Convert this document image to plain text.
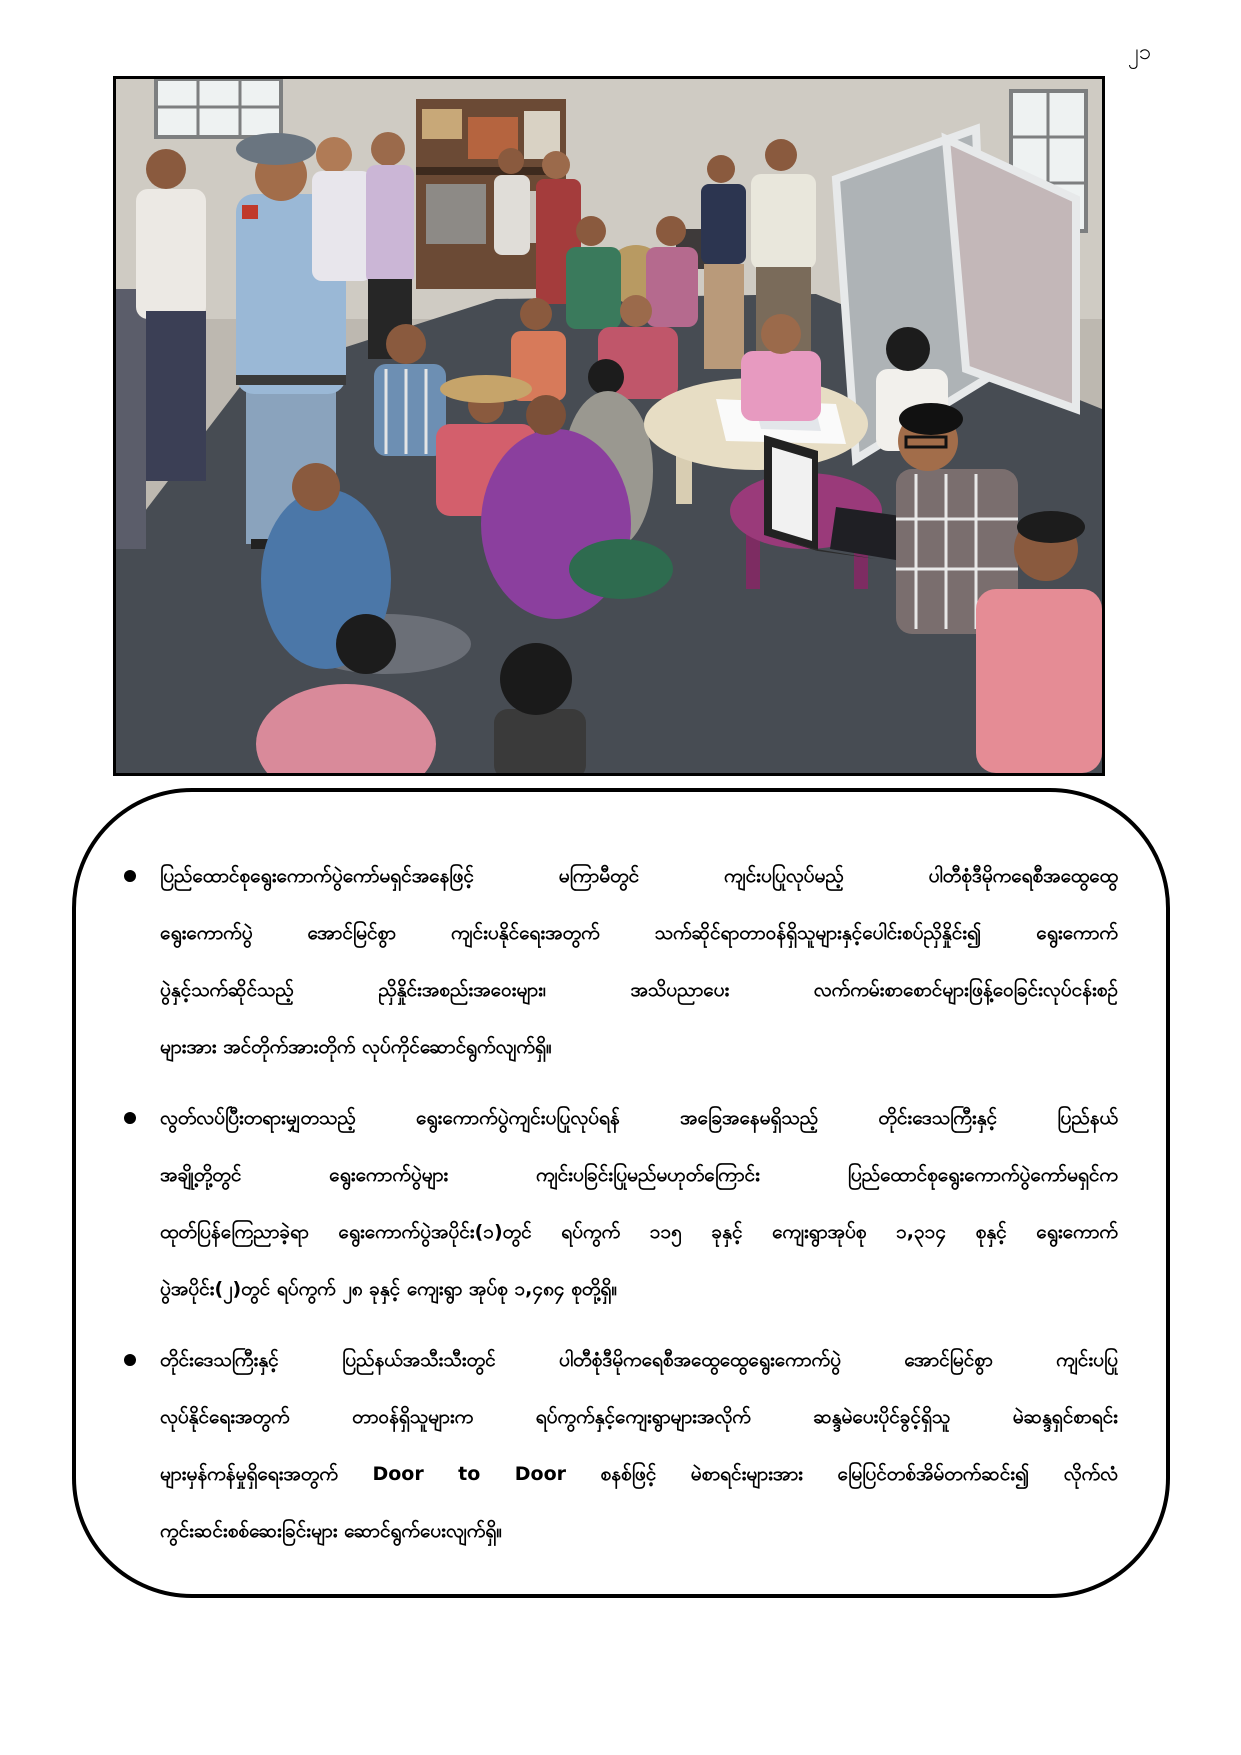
၂၁
ပြည်ထောင်စုရွေးကောက်ပွဲကော်မရှင်အနေဖြင့် မကြာမီတွင် ကျင်းပပြုလုပ်မည့် ပါတီစုံဒီမိုကရေစီအထွေထွေ
ရွေးကောက်ပွဲ အောင်မြင်စွာ ကျင်းပနိုင်ရေးအတွက် သက်ဆိုင်ရာတာဝန်ရှိသူများနှင့်ပေါင်းစပ်ညှိနှိုင်း၍ ရွေးကောက်
ပွဲနှင့်သက်ဆိုင်သည့် ညှိနှိုင်းအစည်းအဝေးများ၊ အသိပညာပေး လက်ကမ်းစာစောင်များဖြန့်ဝေခြင်းလုပ်ငန်းစဉ်
များအား အင်တိုက်အားတိုက် လုပ်ကိုင်ဆောင်ရွက်လျက်ရှိ။
လွတ်လပ်ပြီးတရားမျှတသည့် ရွေးကောက်ပွဲကျင်းပပြုလုပ်ရန် အခြေအနေမရှိသည့် တိုင်းဒေသကြီးနှင့် ပြည်နယ်
အချို့တို့တွင် ရွေးကောက်ပွဲများ ကျင်းပခြင်းပြုမည်မဟုတ်ကြောင်း ပြည်ထောင်စုရွေးကောက်ပွဲကော်မရှင်က
ထုတ်ပြန်ကြေညာခဲ့ရာ ရွေးကောက်ပွဲအပိုင်း(၁)တွင် ရပ်ကွက် ၁၁၅ ခုနှင့် ကျေးရွာအုပ်စု ၁,၃၁၄ စုနှင့် ရွေးကောက်
ပွဲအပိုင်း(၂)တွင် ရပ်ကွက် ၂၈ ခုနှင့် ကျေးရွာ အုပ်စု ၁,၄၈၄ စုတို့ရှိ။
တိုင်းဒေသကြီးနှင့် ပြည်နယ်အသီးသီးတွင် ပါတီစုံဒီမိုကရေစီအထွေထွေရွေးကောက်ပွဲ အောင်မြင်စွာ ကျင်းပပြု
လုပ်နိုင်ရေးအတွက် တာဝန်ရှိသူများက ရပ်ကွက်နှင့်ကျေးရွာများအလိုက် ဆန္ဒမဲပေးပိုင်ခွင့်ရှိသူ မဲဆန္ဒရှင်စာရင်း
များမှန်ကန်မှုရှိရေးအတွက် Door to Door စနစ်ဖြင့် မဲစာရင်းများအား မြေပြင်တစ်အိမ်တက်ဆင်း၍ လိုက်လံ
ကွင်းဆင်းစစ်ဆေးခြင်းများ ဆောင်ရွက်ပေးလျက်ရှိ။
